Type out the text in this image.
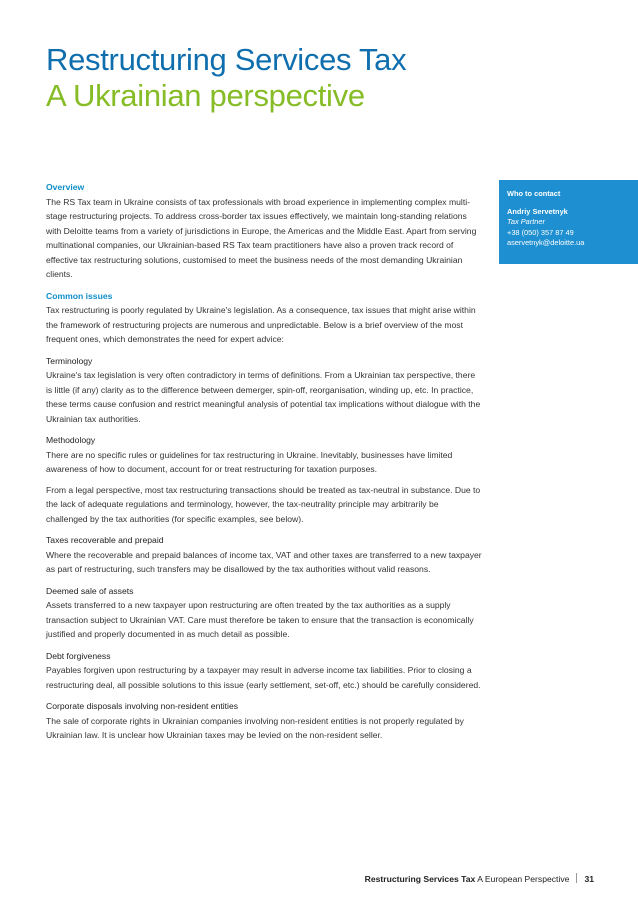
Restructuring Services Tax
A Ukrainian perspective
Overview

The RS Tax team in Ukraine consists of tax professionals with broad experience in implementing complex multi-stage restructuring projects. To address cross-border tax issues effectively, we maintain long-standing relations with Deloitte teams from a variety of jurisdictions in Europe, the Americas and the Middle East. Apart from serving multinational companies, our Ukrainian-based RS Tax team practitioners have also a proven track record of effective tax restructuring solutions, customised to meet the business needs of the most demanding Ukrainian clients.

Common issues

Tax restructuring is poorly regulated by Ukraine's legislation. As a consequence, tax issues that might arise within the framework of restructuring projects are numerous and unpredictable. Below is a brief overview of the most frequent ones, which demonstrates the need for expert advice:

Terminology

Ukraine's tax legislation is very often contradictory in terms of definitions. From a Ukrainian tax perspective, there is little (if any) clarity as to the difference between demerger, spin-off, reorganisation, winding up, etc. In practice, these terms cause confusion and restrict meaningful analysis of potential tax implications without dialogue with the Ukrainian tax authorities.

Methodology

There are no specific rules or guidelines for tax restructuring in Ukraine. Inevitably, businesses have limited awareness of how to document, account for or treat restructuring for taxation purposes.

From a legal perspective, most tax restructuring transactions should be treated as tax-neutral in substance. Due to the lack of adequate regulations and terminology, however, the tax-neutrality principle may arbitrarily be challenged by the tax authorities (for specific examples, see below).

Taxes recoverable and prepaid

Where the recoverable and prepaid balances of income tax, VAT and other taxes are transferred to a new taxpayer as part of restructuring, such transfers may be disallowed by the tax authorities without valid reasons.

Deemed sale of assets

Assets transferred to a new taxpayer upon restructuring are often treated by the tax authorities as a supply transaction subject to Ukrainian VAT. Care must therefore be taken to ensure that the transaction is economically justified and properly documented in as much detail as possible.

Debt forgiveness

Payables forgiven upon restructuring by a taxpayer may result in adverse income tax liabilities. Prior to closing a restructuring deal, all possible solutions to this issue (early settlement, set-off, etc.) should be carefully considered.

Corporate disposals involving non-resident entities

The sale of corporate rights in Ukrainian companies involving non-resident entities is not properly regulated by Ukrainian law. It is unclear how Ukrainian taxes may be levied on the non-resident seller.

Who to contact
Andriy Servetnyk
Tax Partner
+38 (050) 357 87 49
aservetnyk@deloitte.ua
Restructuring Services Tax A European Perspective 31
